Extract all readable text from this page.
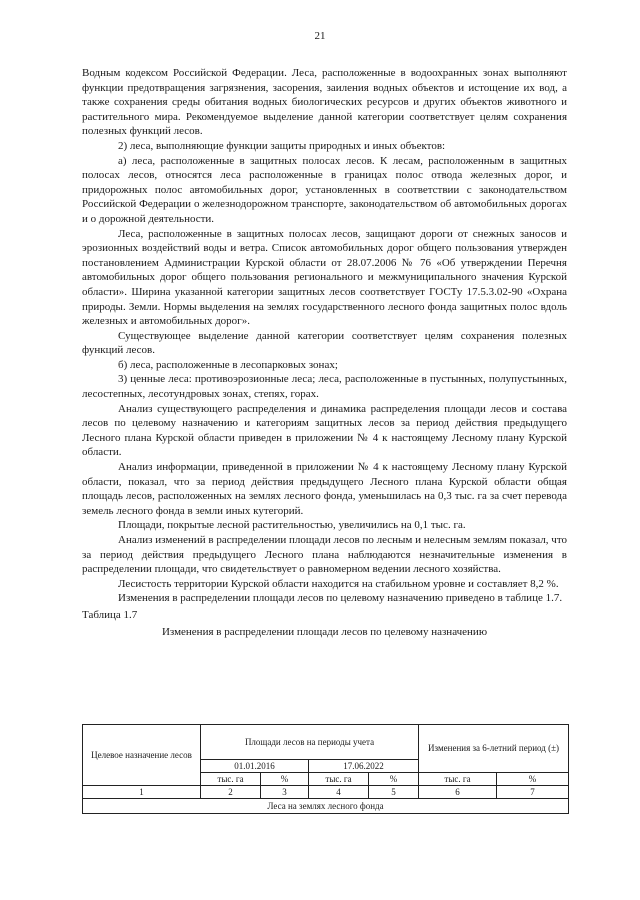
21

Водным кодексом Российской Федерации. Леса, расположенные в водоохранных зонах выполняют функции предотвращения загрязнения, засорения, заиления водных объектов и истощение их вод, а также сохранения среды обитания водных биологических ресурсов и других объектов животного и растительного мира. Рекомендуемое выделение данной категории соответствует целям сохранения полезных функций лесов.

2) леса, выполняющие функции защиты природных и иных объектов:

а) леса, расположенные в защитных полосах лесов. К лесам, расположенным в защитных полосах лесов, относятся леса расположенные в границах полос отвода железных дорог, и придорожных полос автомобильных дорог, установленных в соответствии с законодательством Российской Федерации о железнодорожном транспорте, законодательством об автомобильных дорогах и о дорожной деятельности.

Леса, расположенные в защитных полосах лесов, защищают дороги от снежных заносов и эрозионных воздействий воды и ветра. Список автомобильных дорог общего пользования утвержден постановлением Администрации Курской области от 28.07.2006 № 76 «Об утверждении Перечня автомобильных дорог общего пользования регионального и межмуниципального значения Курской области». Ширина указанной категории защитных лесов соответствует ГОСТу 17.5.3.02-90 «Охрана природы. Земли. Нормы выделения на землях государственного лесного фонда защитных полос вдоль железных и автомобильных дорог».

Существующее выделение данной категории соответствует целям сохранения полезных функций лесов.

б) леса, расположенные в лесопарковых зонах;

3) ценные леса: противоэрозионные леса; леса, расположенные в пустынных, полупустынных, лесостепных, лесотундровых зонах, степях, горах.

Анализ существующего распределения и динамика распределения площади лесов и состава лесов по целевому назначению и категориям защитных лесов за период действия предыдущего Лесного плана Курской области приведен в приложении № 4 к настоящему Лесному плану Курской области.

Анализ информации, приведенной в приложении № 4 к настоящему Лесному плану Курской области, показал, что за период действия предыдущего Лесного плана Курской области общая площадь лесов, расположенных на землях лесного фонда, уменьшилась на 0,3 тыс. га за счет перевода земель лесного фонда в земли иных кутегорий.

Площади, покрытые лесной растительностью, увеличились на 0,1 тыс. га.

Анализ изменений в распределении площади лесов по лесным и нелесным землям показал, что за период действия предыдущего Лесного плана наблюдаются незначительные изменения в распределении площади, что свидетельствует о равномерном ведении лесного хозяйства.

Лесистость территории Курской области находится на стабильном уровне и составляет 8,2 %.

Изменения в распределении площади лесов по целевому назначению приведено в таблице 1.7.

Таблица 1.7

Изменения в распределении площади лесов по целевому назначению

Целевое назначение лесов	Площади лесов на периоды учета				Изменения за 6-летний период (±)	
	01.01.2016		17.06.2022			
	тыс. га	%	тыс. га	%	тыс. га	%
1	2	3	4	5	6	7
Леса на землях лесного фонда						
